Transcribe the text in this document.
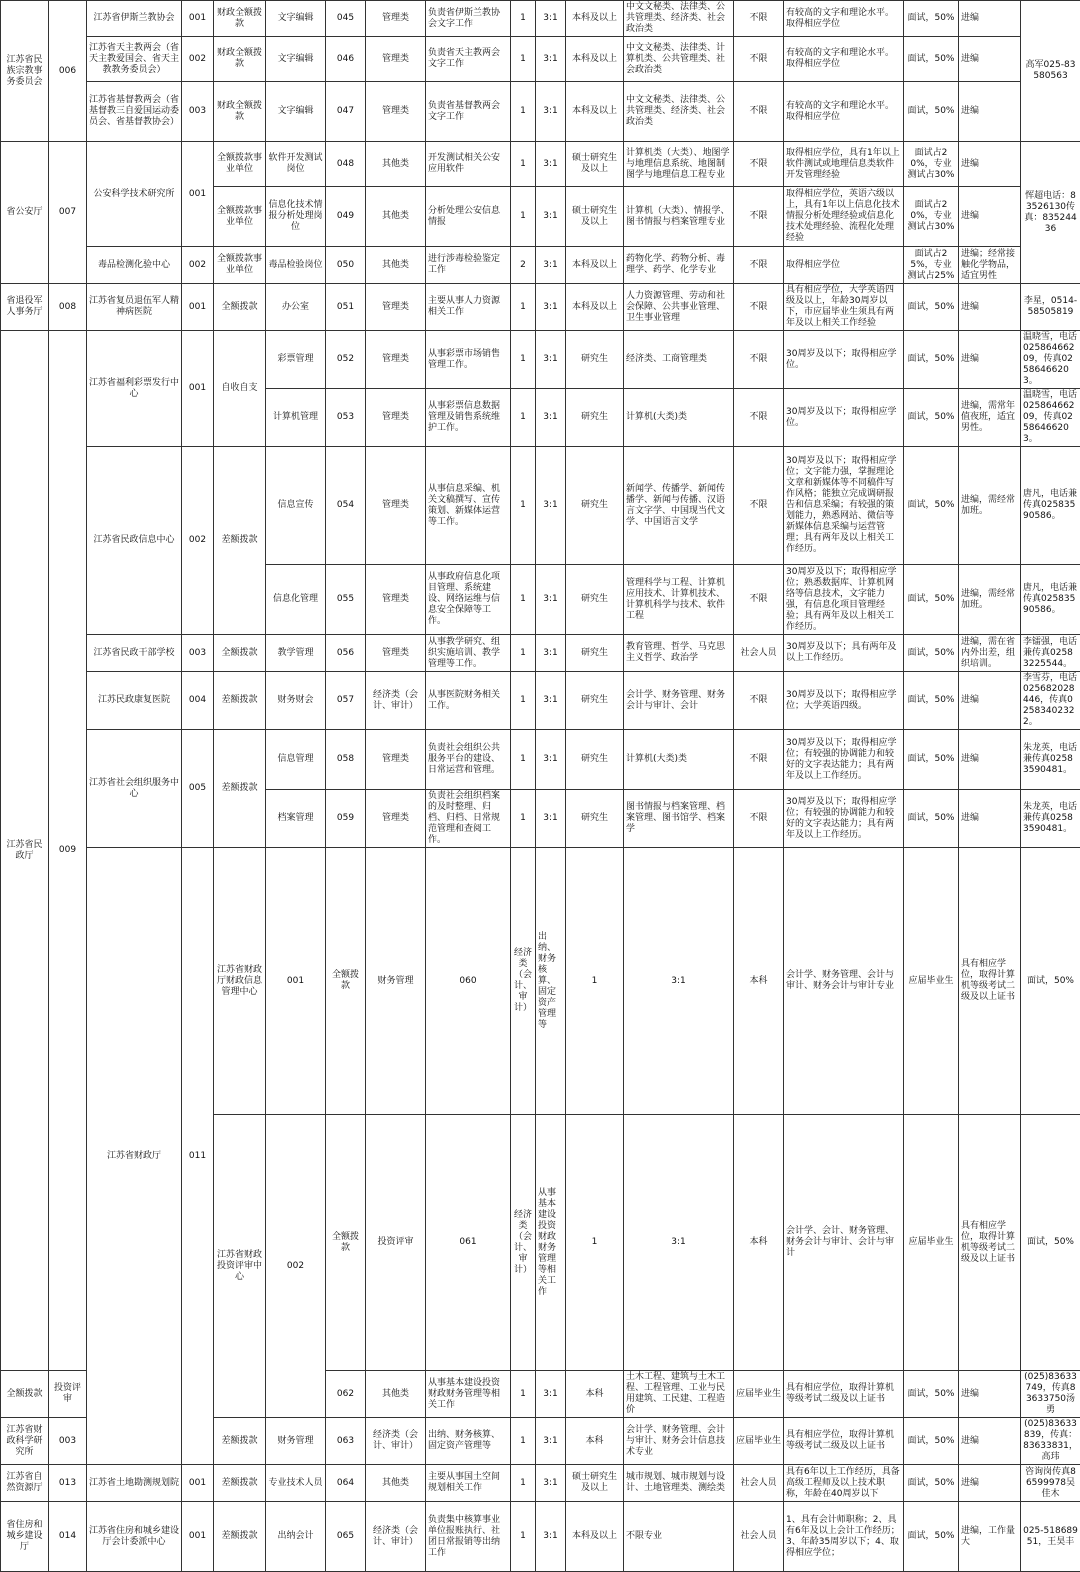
江苏省民族宗教事务委员会	006	江苏省伊斯兰教协会	001	财政全额拨款	文字编辑	045	管理类	负责省伊斯兰教协会文字工作	1	3:1	本科及以上	中文文秘类、法律类、公共管理类、经济类、社会政治类	不限	有较高的文字和理论水平。取得相应学位	面试，50%	进编	高军025-83580563	
		江苏省天主教两会（省天主教爱国会、省天主教教务委员会）	002	财政全额拨款	文字编辑	046	管理类	负责省天主教两会文字工作	1	3:1	本科及以上	中文文秘类、法律类、计算机类、公共管理类、社会政治类	不限	有较高的文字和理论水平。取得相应学位	面试，50%	进编		
		江苏省基督教两会（省基督教三自爱国运动委员会、省基督教协会）	003	财政全额拨款	文字编辑	047	管理类	负责省基督教两会文字工作	1	3:1	本科及以上	中文文秘类、法律类、公共管理类、经济类、社会政治类	不限	有较高的文字和理论水平。取得相应学位	面试，50%	进编		
省公安厅	007	公安科学技术研究所	001	全额拨款事业单位	软件开发测试岗位	048	其他类	开发测试相关公安应用软件	1	3:1	硕士研究生及以上	计算机类（大类）、地图学与地理信息系统、地图制图学与地理信息工程专业	不限	取得相应学位，具有1年以上软件测试或地理信息类软件开发管理经验	面试占20%，专业测试占30%	进编	恽超电话：83526130传真：83524436	
				全额拨款事业单位	信息化技术情报分析处理岗位	049	其他类	分析处理公安信息情报	1	3:1	硕士研究生及以上	计算机（大类）、情报学、图书情报与档案管理专业	不限	取得相应学位，英语六级以上，具有1年以上信息化技术情报分析处理经验或信息化技术处理经验、流程化处理经验	面试占20%，专业测试占30%	进编		
		毒品检测化验中心	002	全额拨款事业单位	毒品检验岗位	050	其他类	进行涉毒检验鉴定工作	2	3:1	本科及以上	药物化学、药物分析、毒理学、药学、化学专业	不限	取得相应学位	面试占25%，专业测试占25%	进编；经常接触化学物品，适宜男性		
省退役军人事务厅	008	江苏省复员退伍军人精神病医院	001	全额拨款	办公室	051	管理类	主要从事人力资源相关工作	1	3:1	本科及以上	人力资源管理、劳动和社会保障、公共事业管理、卫生事业管理	不限	具有相应学位，大学英语四级及以上，年龄30周岁以下，市应届毕业生须具有两年及以上相关工作经验	面试，50%	进编	李星，0514-58505819	
江苏省民政厅	009	江苏省福利彩票发行中心	001	自收自支	彩票管理	052	管理类	从事彩票市场销售管理工作。	1	3:1	研究生	经济类、工商管理类	不限	30周岁及以下；取得相应学位。	面试，50%	进编	温晓雪，电话02586466209，传真02586466203。	
					计算机管理	053	管理类	从事彩票信息数据管理及销售系统维护工作。	1	3:1	研究生	计算机(大类)类	不限	30周岁及以下；取得相应学位。	面试，50%	进编，需常年值夜班，适宜男性。	温晓雪，电话02586466209，传真02586466203。	
		江苏省民政信息中心	002	差额拨款	信息宣传	054	管理类	从事信息采编、机关文稿撰写、宣传策划、新媒体运营等工作。	1	3:1	研究生	新闻学、传播学、新闻传播学、新闻与传播、汉语言文字学、中国现当代文学、中国语言文学	不限	30周岁及以下；取得相应学位；文字能力强，掌握理论文章和新媒体等不同稿件写作风格；能独立完成调研报告和信息采编；有较强的策划能力，熟悉网站、微信等新媒体信息采编与运营管理；具有两年及以上相关工作经历。	面试，50%	进编，需经常加班。	唐凡，电话兼传真02583590586。	
					信息化管理	055	管理类	从事政府信息化项目管理、系统建设、网络运维与信息安全保障等工作。	1	3:1	研究生	管理科学与工程、计算机应用技术、计算机技术、计算机科学与技术、软件工程	不限	30周岁及以下；取得相应学位；熟悉数据库、计算机网络等信息技术，文字能力强，有信息化项目管理经验；具有两年及以上相关工作经历。	面试，50%	进编，需经常加班。	唐凡，电话兼传真02583590586。	
		江苏省民政干部学校	003	全额拨款	教学管理	056	管理类	从事教学研究、组织实施培训、教学管理等工作。	1	3:1	研究生	教育管理、哲学、马克思主义哲学、政治学	社会人员	30周岁及以下；具有两年及以上工作经历。	面试，50%	进编，需在省内外出差，组织培训。	李镭强，电话兼传真02583225544。	
		江苏民政康复医院	004	差额拨款	财务财会	057	经济类（会计、审计）	从事医院财务相关工作。	1	3:1	研究生	会计学、财务管理、财务会计与审计、会计	不限	30周岁及以下；取得相应学位；大学英语四级。	面试，50%	进编	李雪芬，电话025682028446，传真02583402322。	
		江苏省社会组织服务中心	005	差额拨款	信息管理	058	管理类	负责社会组织公共服务平台的建设、日常运营和管理。	1	3:1	研究生	计算机(大类)类	不限	30周岁及以下；取得相应学位；有较强的协调能力和较好的文字表达能力；具有两年及以上工作经历。	面试，50%	进编	朱龙英，电话兼传真02583590481。	
					档案管理	059	管理类	负责社会组织档案的及时整理、归档、归档、日常规范管理和查阅工作。	1	3:1	研究生	图书情报与档案管理、档案管理、图书馆学、档案学	不限	30周岁及以下；取得相应学位；有较强的协调能力和较好的文字表达能力；具有两年及以上工作经历。	面试，50%	进编	朱龙英，电话兼传真02583590481。	
		江苏省财政厅	011	江苏省财政厅财政信息管理中心	001	全额拨款	财务管理	060	经济类（会计、审计）	出纳、财务核算、固定资产管理等	1	3:1	本科	会计学、财务管理、会计与审计、财务会计与审计专业	应届毕业生	具有相应学位，取得计算机等级考试二级及以上证书	面试，50%		
				江苏省财政投资评审中心	002	全额拨款	投资评审	061	经济类（会计、审计）	从事基本建设投资财政财务管理等相关工作	1	3:1	本科	会计学、会计、财务管理、财务会计与审计、会计与审计	应届毕业生	具有相应学位，取得计算机等级考试二级及以上证书	面试，50%		
全额拨款	投资评审					062	其他类	从事基本建设投资财政财务管理等相关工作	1	3:1	本科	土木工程、建筑与土木工程、工程管理、工业与民用建筑、工民建、工程造价	应届毕业生	具有相应学位，取得计算机等级考试二级及以上证书	面试，50%	进编	(025)83633749，传真83633750汤勇	
江苏省财政科学研究所	003			差额拨款	财务管理	063	经济类（会计、审计）	出纳、财务核算、固定资产管理等	1	3:1	本科	会计学、财务管理、会计与审计、财务会计信息技术专业	应届毕业生	具有相应学位，取得计算机等级考试二级及以上证书	面试，50%	进编	(025)83633839，传真：83633831，高玮	
江苏省自然资源厅	013	江苏省土地勘测规划院	001	差额拨款	专业技术人员	064	其他类	主要从事国土空间规划相关工作	1	3:1	硕士研究生及以上	城市规划、城市规划与设计、土地管理类、测绘类	社会人员	具有6年以上工作经历，具备高级工程师及以上技术职称，年龄在40周岁以下	面试，50%	进编	咨询岗传真86599978吴佳木	
省住房和城乡建设厅	014	江苏省住房和城乡建设厅会计委派中心	001	差额拨款	出纳会计	065	经济类（会计、审计）	负责集中核算事业单位报账执行、社团日常报销等出纳工作	1	3:1	本科及以上	不限专业	社会人员	1、具有会计师职称；2、具有6年及以上会计工作经历；3、年龄35周岁以下；4、取得相应学位；	面试，50%	进编，工作量大	025-51868951，王昊丰	
